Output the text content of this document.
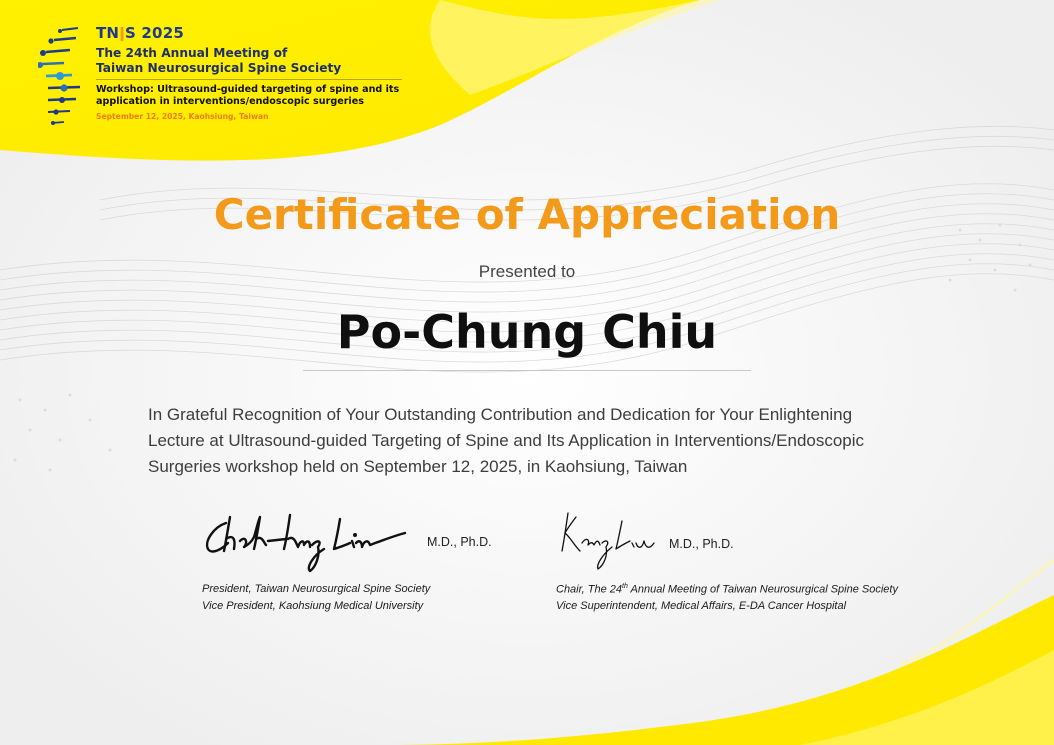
TNǀS 2025
The 24th Annual Meeting of
Taiwan Neurosurgical Spine Society
Workshop: Ultrasound-guided targeting of spine and its
application in interventions/endoscopic surgeries
September 12, 2025, Kaohsiung, Taiwan
Certificate of Appreciation
Presented to
Po-Chung Chiu
In Grateful Recognition of Your Outstanding Contribution and Dedication for Your Enlightening
Lecture at Ultrasound-guided Targeting of Spine and Its Application in Interventions/Endoscopic
Surgeries workshop held on September 12, 2025, in Kaohsiung, Taiwan
M.D., Ph.D.	M.D., Ph.D.
President, Taiwan Neurosurgical Spine Society
Vice President, Kaohsiung Medical University
Chair, The 24th Annual Meeting of Taiwan Neurosurgical Spine Society
Vice Superintendent, Medical Affairs, E-DA Cancer Hospital
